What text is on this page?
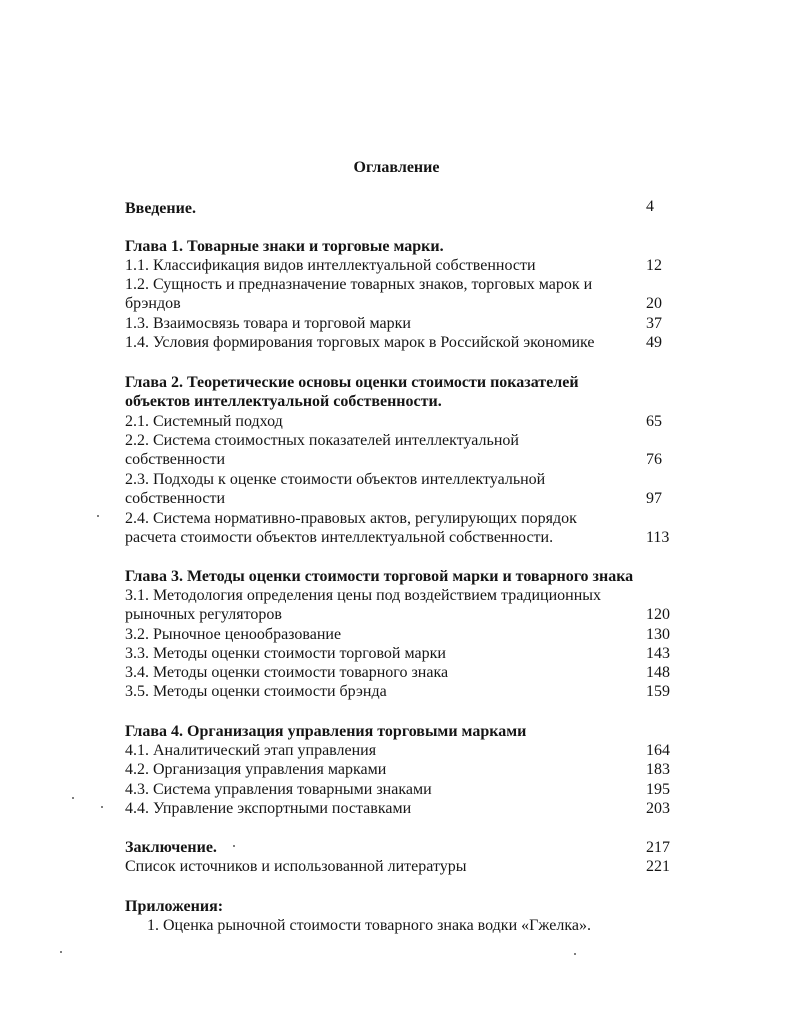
Оглавление
Введение.	4
Глава 1. Товарные знаки и торговые марки.
1.1. Классификация видов интеллектуальной собственности	12
1.2. Сущность и предназначение товарных знаков, торговых марок и
брэндов	20
1.3. Взаимосвязь товара и торговой марки	37
1.4. Условия формирования торговых марок в Российской экономике	49
Глава 2. Теоретические основы оценки стоимости показателей
объектов интеллектуальной собственности.
2.1. Системный подход	65
2.2. Система стоимостных показателей интеллектуальной
собственности	76
2.3. Подходы к оценке стоимости объектов интеллектуальной
собственности	97
2.4. Система нормативно-правовых актов, регулирующих порядок
расчета стоимости объектов интеллектуальной собственности.	113
Глава 3. Методы оценки стоимости торговой марки и товарного знака
3.1. Методология определения цены под воздействием традиционных
рыночных регуляторов	120
3.2. Рыночное ценообразование	130
3.3. Методы оценки стоимости торговой марки	143
3.4. Методы оценки стоимости товарного знака	148
3.5. Методы оценки стоимости брэнда	159
Глава 4. Организация управления торговыми марками
4.1. Аналитический этап управления	164
4.2. Организация управления марками	183
4.3. Система управления товарными знаками	195
4.4. Управление экспортными поставками	203
Заключение.	217
Список источников и использованной литературы	221
Приложения:
1. Оценка рыночной стоимости товарного знака водки «Гжелка».
